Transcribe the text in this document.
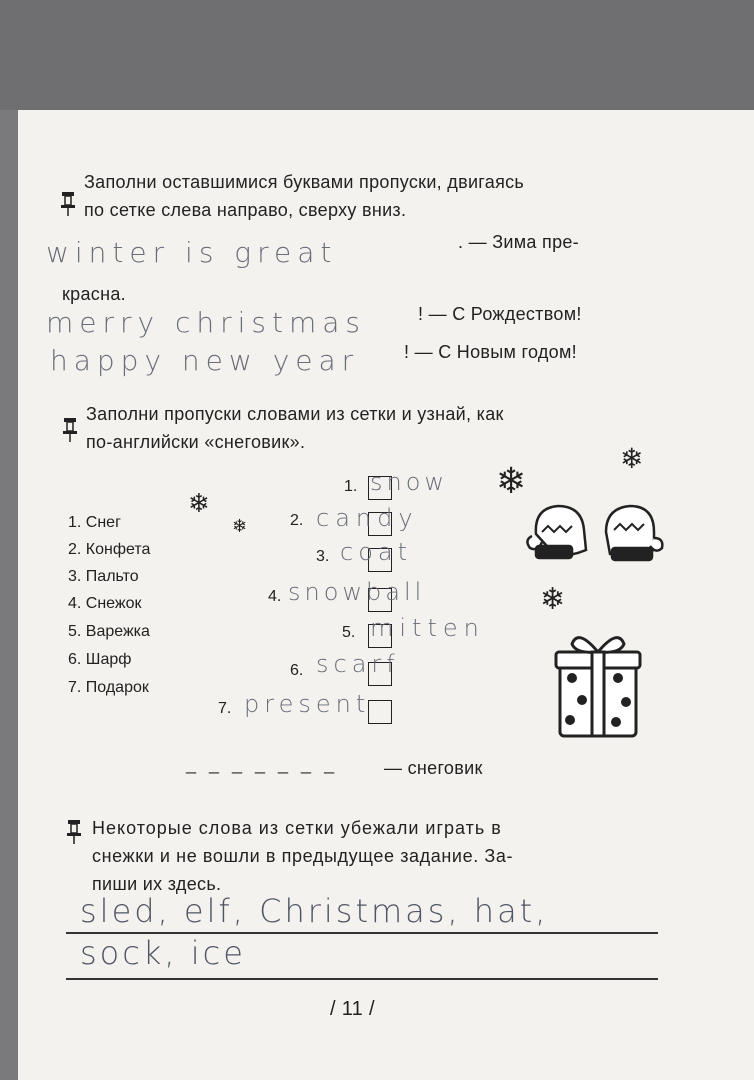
Заполни оставшимися буквами пропуски, двигаясь
по сетке слева направо, сверху вниз.
winter is great	. — Зима пре-
красна.
merry christmas	! — С Рождеством!
happy new year ! — С Новым годом!
Заполни пропуски словами из сетки и узнай, как
по-английски «снеговик».
1. Снег
2. Конфета
3. Пальто
4. Снежок
5. Варежка
6. Шарф
7. Подарок
1. snow
2. candy
3. coat
4. snowball
5. mitten
6. scarf
7. present
_ _ _ _ _ _ _	— снеговик
❄
❄
❄
❄
❄
Некоторые слова из сетки убежали играть в
снежки и не вошли в предыдущее задание. За-
пиши их здесь.
sled, elf, Christmas, hat,
sock, ice
/ 11 /
